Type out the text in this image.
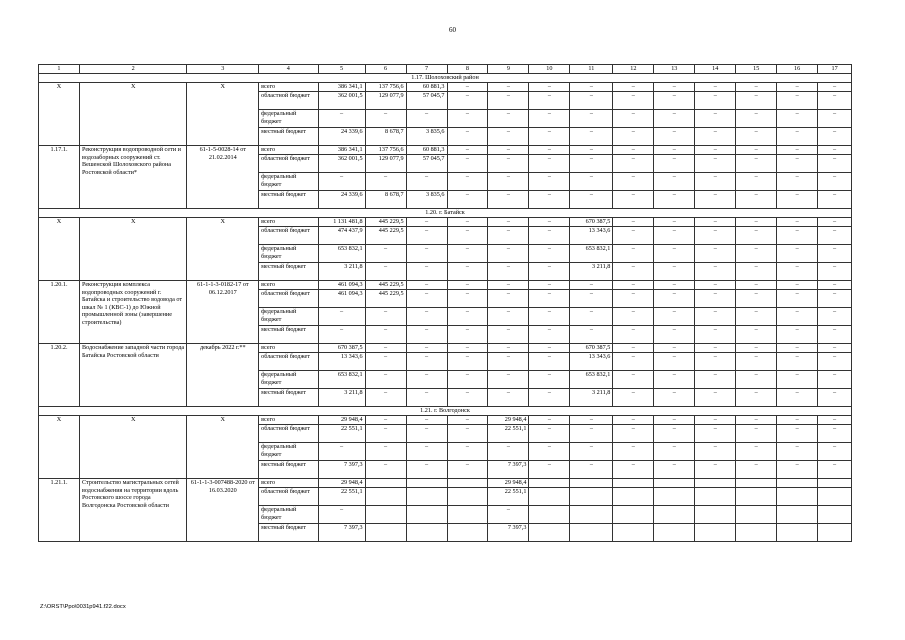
60
1	2	3	4	5	6	7	8	9	10	11	12	13	14	15	16	17
1.17. Шолоховский район																
Х	Х	Х	всего	386 341,1	137 756,6	60 881,3	–	–	–	–	–	–	–	–	–	–
			областной бюджет	362 001,5	129 077,9	57 045,7	–	–	–	–	–	–	–	–	–	–
			федеральный бюджет	–	–	–	–	–	–	–	–	–	–	–	–	–
			местный бюджет	24 339,6	8 678,7	3 835,6	–	–	–	–	–	–	–	–	–	–
1.17.1.	Реконструкция водопроводной сети и водозаборных сооружений ст. Вешенской Шолоховского района Ростовской области*	61-1-5-0028-14 от 21.02.2014	всего	386 341,1	137 756,6	60 881,3	–	–	–	–	–	–	–	–	–	–
			областной бюджет	362 001,5	129 077,9	57 045,7	–	–	–	–	–	–	–	–	–	–
			федеральный бюджет	–	–	–	–	–	–	–	–	–	–	–	–	–
			местный бюджет	24 339,6	8 678,7	3 835,6	–	–	–	–	–	–	–	–	–	–
1.20. г. Батайск																
Х	Х	Х	всего	1 131 481,8	445 229,5	–	–	–	–	670 387,5	–	–	–	–	–	–
			областной бюджет	474 437,9	445 229,5	–	–	–	–	13 343,6	–	–	–	–	–	–
			федеральный бюджет	653 832,1	–	–	–	–	–	653 832,1	–	–	–	–	–	–
			местный бюджет	3 211,8	–	–	–	–	–	3 211,8	–	–	–	–	–	–
1.20.1.	Реконструкция комплекса водопроводных сооружений г. Батайска и строительство водовода от шкал № 1 (КВС-1) до Южной промышленной зоны (завершение строительства)	61-1-1-3-0182-17 от 06.12.2017	всего	461 094,3	445 229,5	–	–	–	–	–	–	–	–	–	–	–
			областной бюджет	461 094,3	445 229,5	–	–	–	–	–	–	–	–	–	–	–
			федеральный бюджет	–	–	–	–	–	–	–	–	–	–	–	–	–
			местный бюджет	–	–	–	–	–	–	–	–	–	–	–	–	–
1.20.2.	Водоснабжение западной части города Батайска Ростовской области	декабрь 2022 г.**	всего	670 387,5	–	–	–	–	–	670 387,5	–	–	–	–	–	–
			областной бюджет	13 343,6	–	–	–	–	–	13 343,6	–	–	–	–	–	–
			федеральный бюджет	653 832,1	–	–	–	–	–	653 832,1	–	–	–	–	–	–
			местный бюджет	3 211,8	–	–	–	–	–	3 211,8	–	–	–	–	–	–
1.21. г. Волгодонск																
Х	Х	Х	всего	29 948,4	–	–	–	29 948,4	–	–	–	–	–	–	–	–
			областной бюджет	22 551,1	–	–	–	22 551,1	–	–	–	–	–	–	–	–
			федеральный бюджет	–	–	–	–	–	–	–	–	–	–	–	–	–
			местный бюджет	7 397,3	–	–	–	7 397,3	–	–	–	–	–	–	–	–
1.21.1.	Строительство магистральных сетей водоснабжения на территории вдоль Ростовского шоссе города Волгодонска Ростовской области	61-1-1-3-007488-2020 от 16.03.2020	всего	29 948,4				29 948,4								
			областной бюджет	22 551,1				22 551,1								
			федеральный бюджет	–				–								
			местный бюджет	7 397,3				7 397,3								
Z:\ORST\Ppo\0031p941.f22.docx
